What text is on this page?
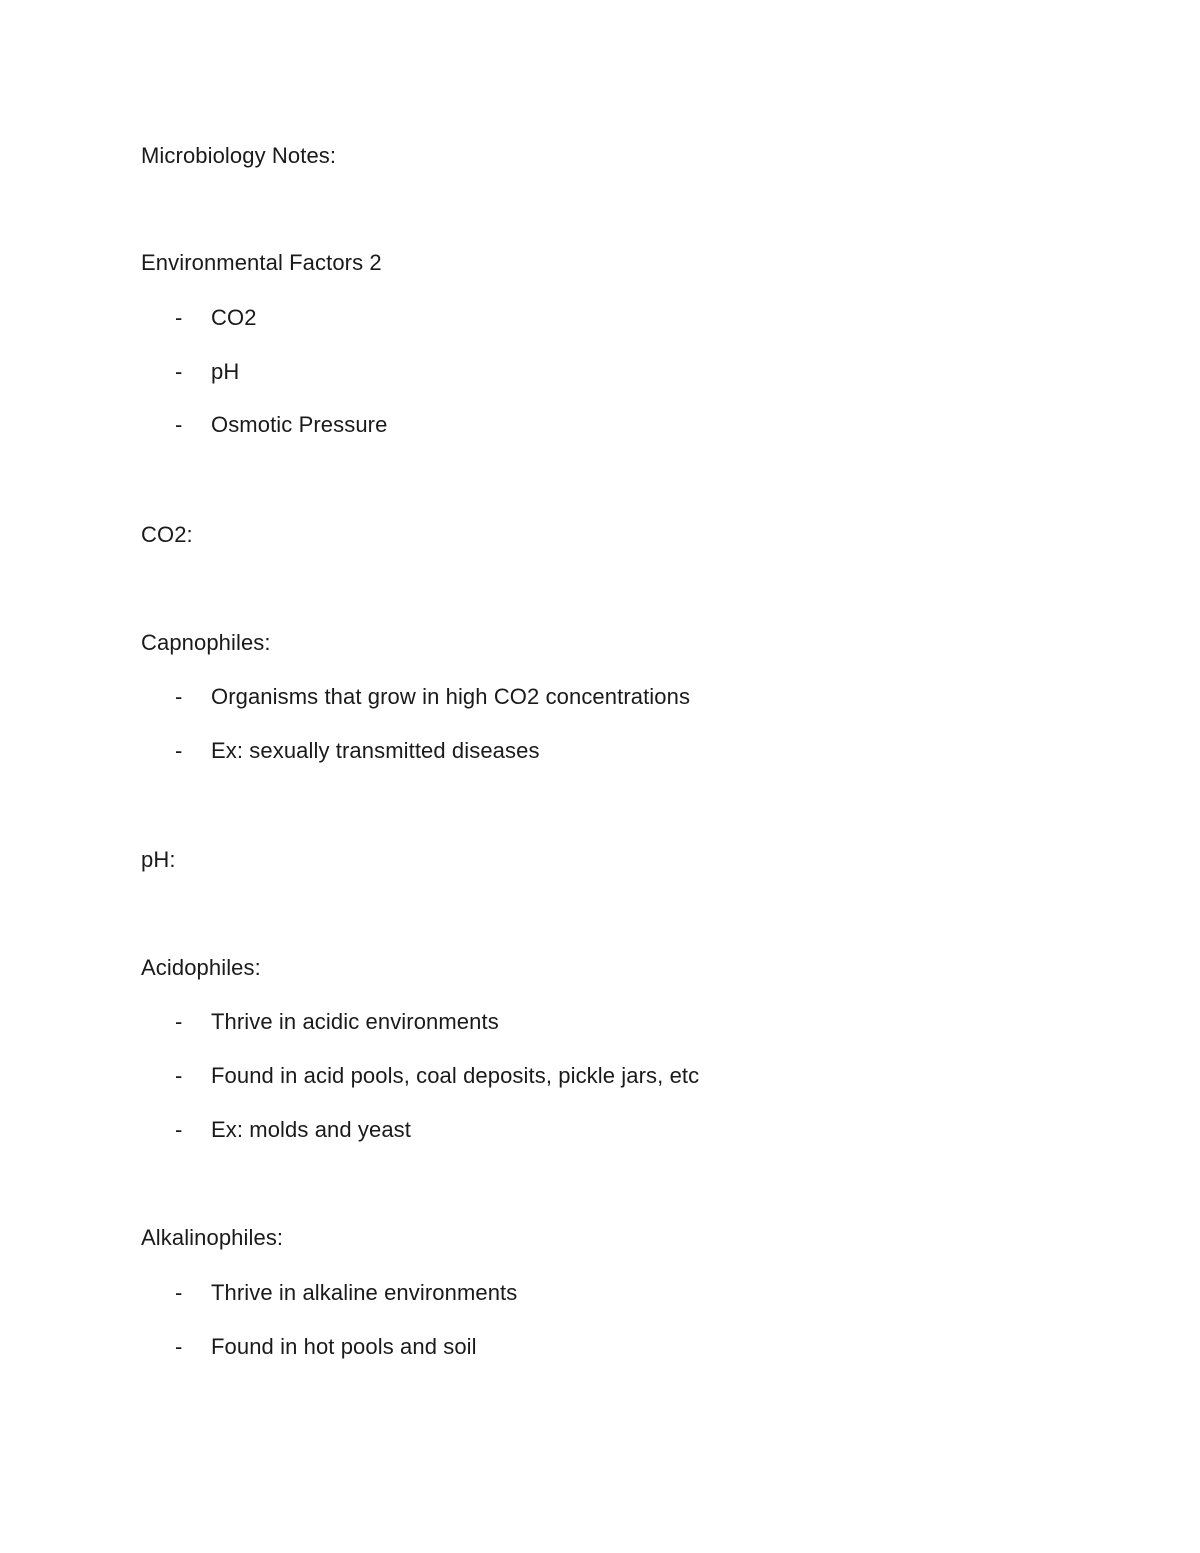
Microbiology Notes:
Environmental Factors 2
- CO2
- pH
- Osmotic Pressure
CO2:
Capnophiles:
- Organisms that grow in high CO2 concentrations
- Ex: sexually transmitted diseases
pH:
Acidophiles:
- Thrive in acidic environments
- Found in acid pools, coal deposits, pickle jars, etc
- Ex: molds and yeast
Alkalinophiles:
- Thrive in alkaline environments
- Found in hot pools and soil
